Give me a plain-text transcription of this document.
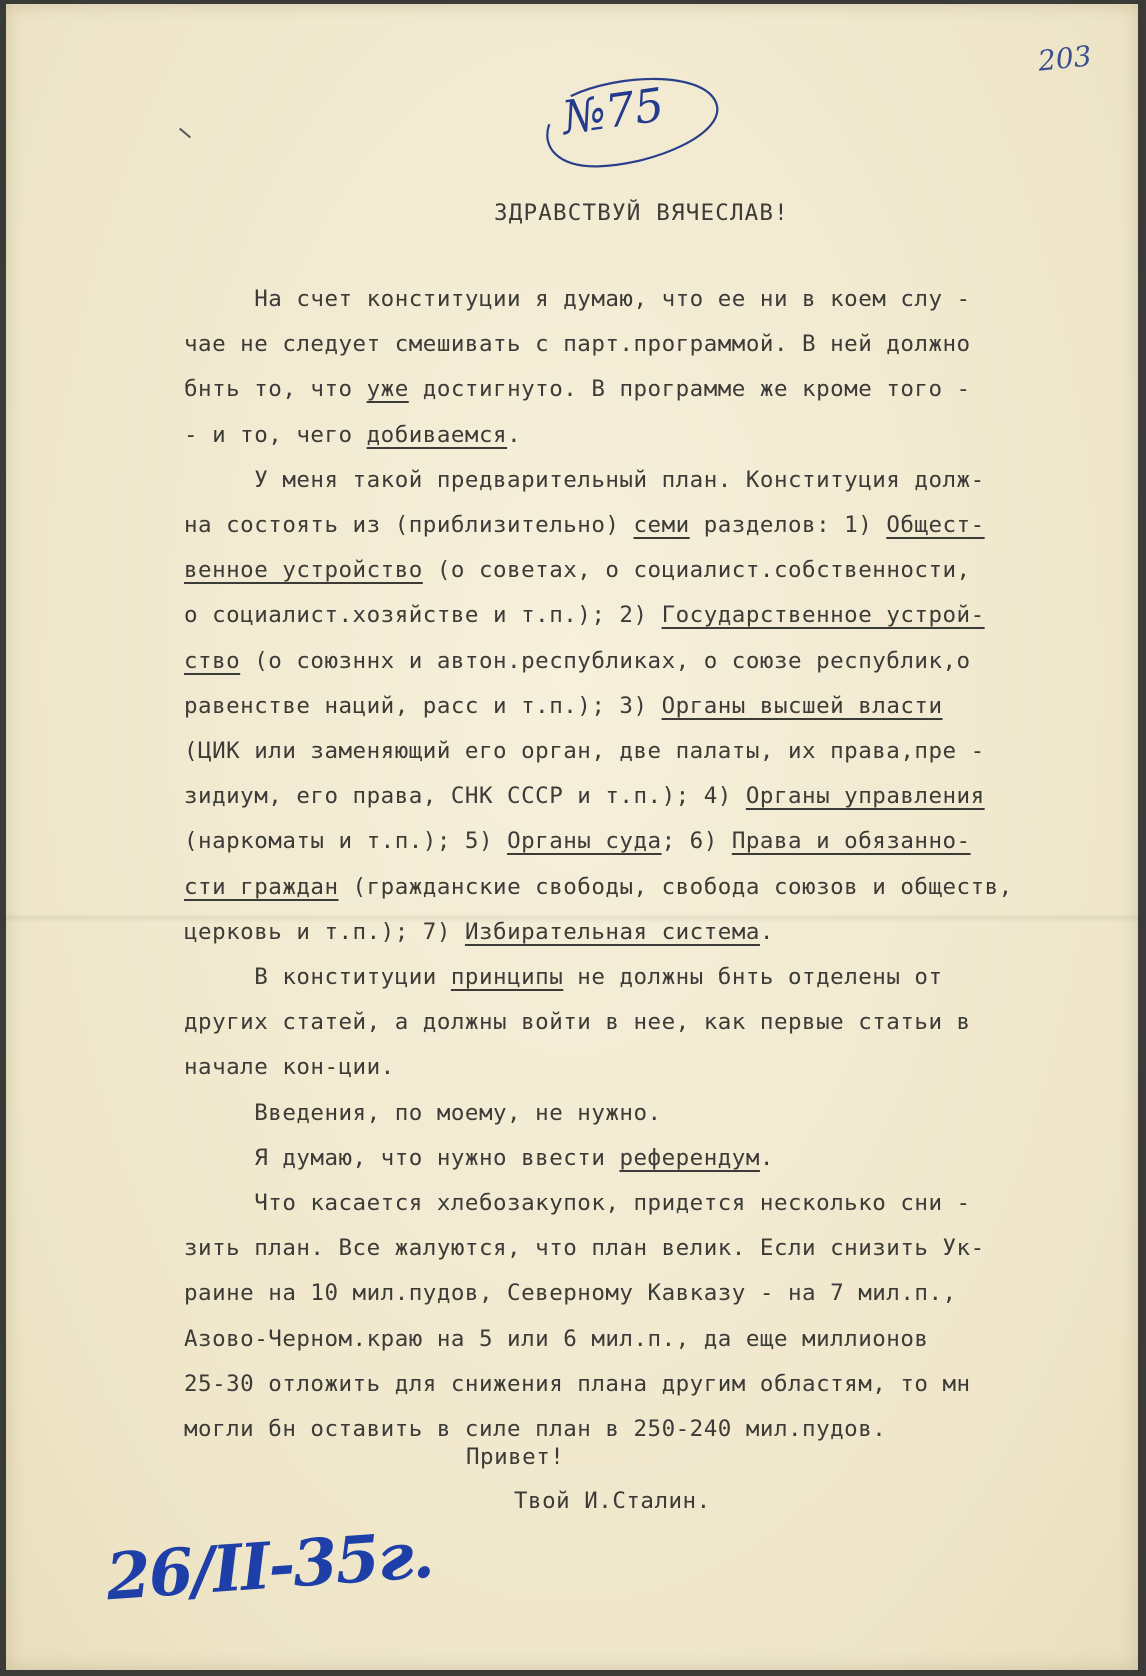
203

№75

ЗДРАВСТВУЙ ВЯЧЕСЛАВ!

На счет конституции я думаю, что ее ни в коем слу -

чае не следует смешивать с парт.программой. В ней должно

бнть то, что уже достигнуто. В программе же кроме того -

- и то, чего добиваемся.

У меня такой предварительный план. Конституция долж-

на состоять из (приблизительно) семи разделов: 1) Общест-

венное устройство (о советах, о социалист.собственности,

о социалист.хозяйстве и т.п.); 2) Государственное устрой-

ство (о союзннх и автон.республиках, о союзе республик,о

равенстве наций, расс и т.п.); 3) Органы высшей власти

(ЦИК или заменяющий его орган, две палаты, их права,пре -

зидиум, его права, СНК СССР и т.п.); 4) Органы управления

(наркоматы и т.п.); 5) Органы суда; 6) Права и обязанно-

сти граждан (гражданские свободы, свобода союзов и обществ,

церковь и т.п.); 7) Избирательная система.

В конституции принципы не должны бнть отделены от

других статей, а должны войти в нее, как первые статьи в

начале кон-ции.

Введения, по моему, не нужно.

Я думаю, что нужно ввести референдум.

Что касается хлебозакупок, придется несколько сни -

зить план. Все жалуются, что план велик. Если снизить Ук-

раине на 10 мил.пудов, Северному Кавказу - на 7 мил.п.,

Азово-Черном.краю на 5 или 6 мил.п., да еще миллионов

25-30 отложить для снижения плана другим областям, то мн

могли бн оставить в силе план в 250-240 мил.пудов.

Привет!

Твой И.Сталин.

26/II-35г.
